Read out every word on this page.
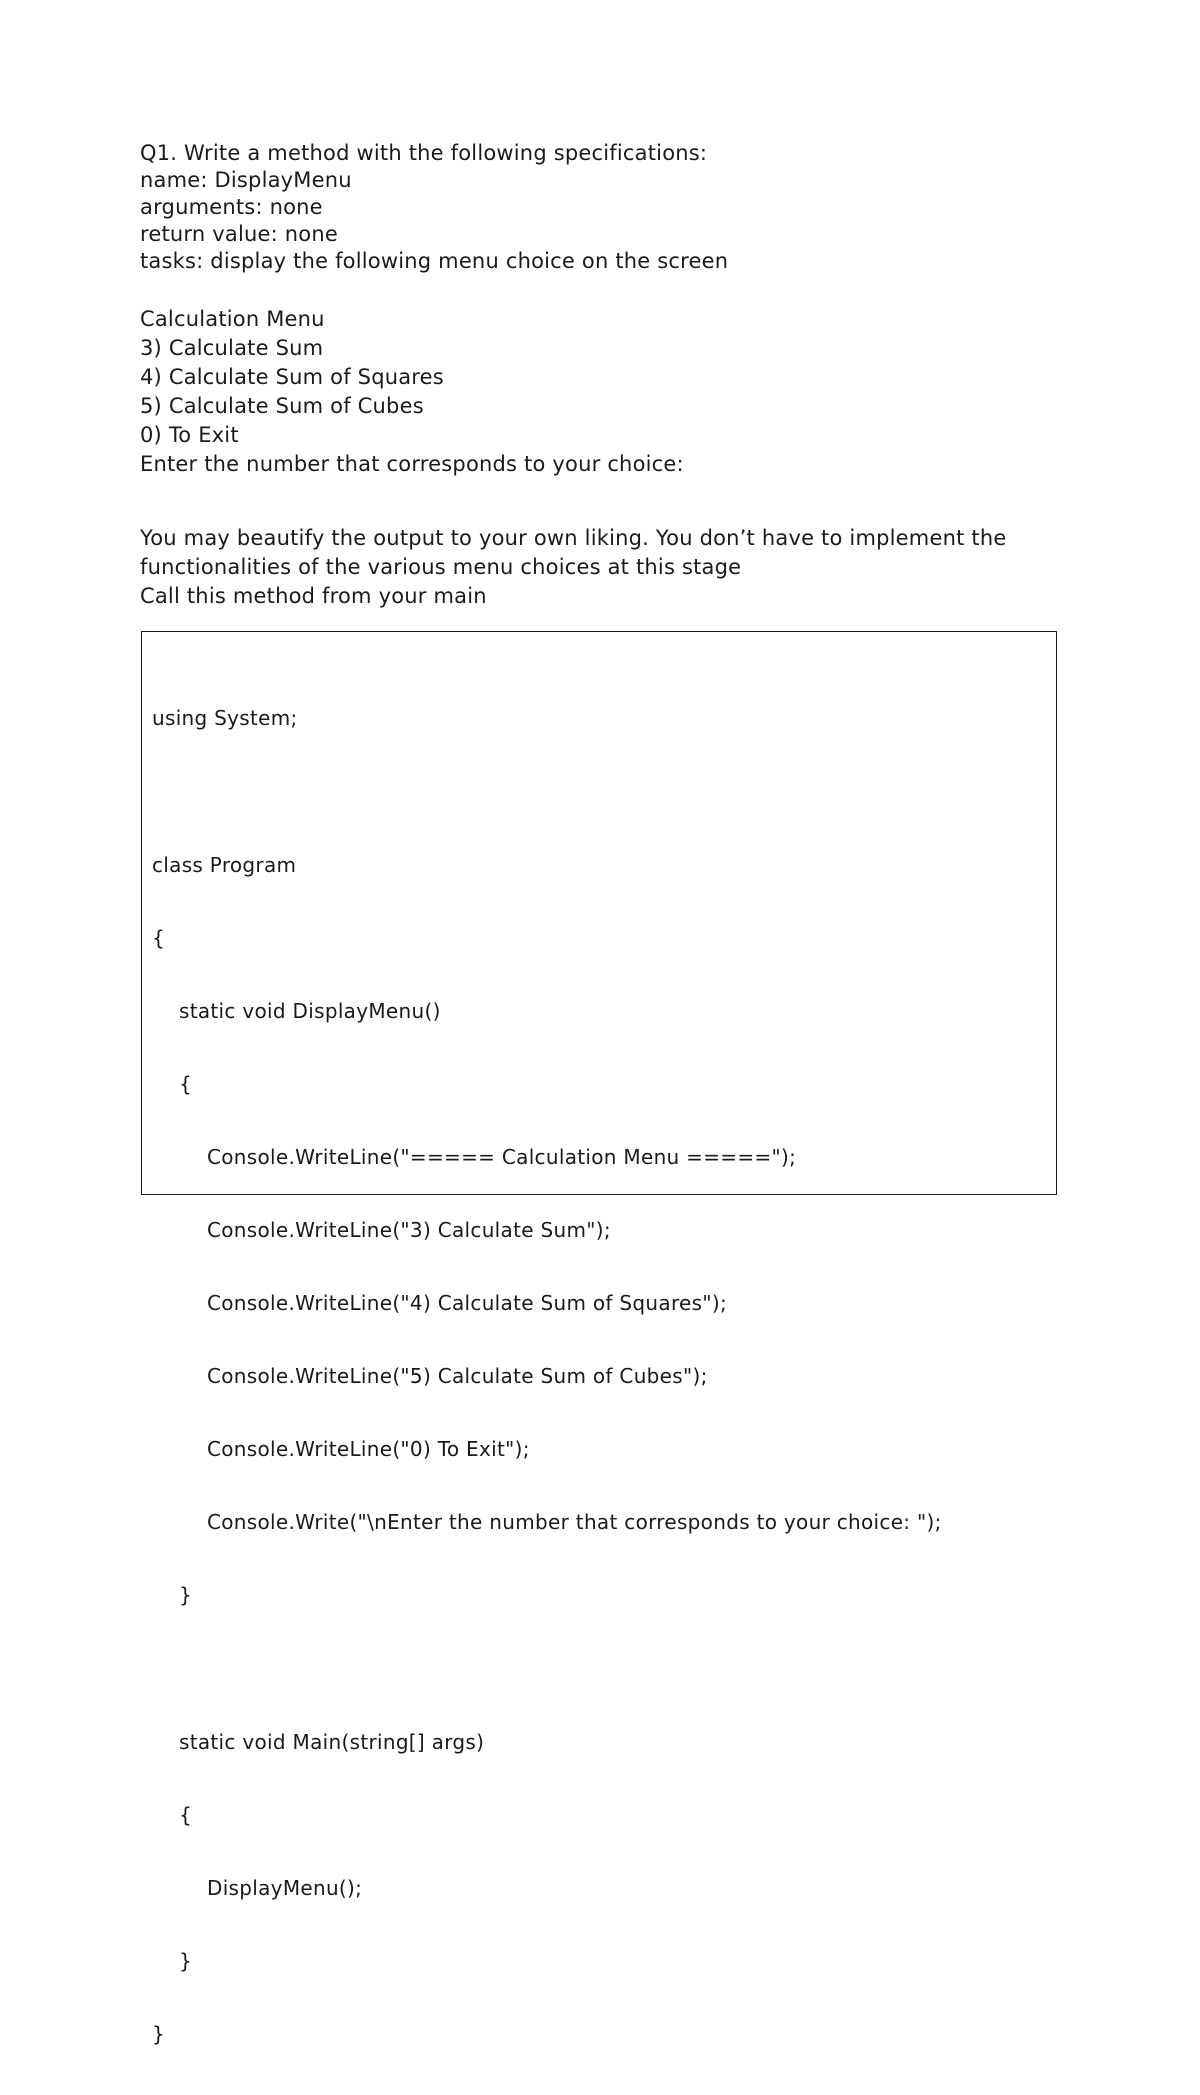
Q1. Write a method with the following specifications:

name: DisplayMenu

arguments: none

return value: none

tasks: display the following menu choice on the screen

Calculation Menu

3) Calculate Sum

4) Calculate Sum of Squares

5) Calculate Sum of Cubes

0) To Exit

Enter the number that corresponds to your choice:

You may beautify the output to your own liking. You don’t have to implement the functionalities of the various menu choices at this stage

Call this method from your main

using System;

class Program

{

static void DisplayMenu()

{

Console.WriteLine("===== Calculation Menu =====");

Console.WriteLine("3) Calculate Sum");

Console.WriteLine("4) Calculate Sum of Squares");

Console.WriteLine("5) Calculate Sum of Cubes");

Console.WriteLine("0) To Exit");

Console.Write("\nEnter the number that corresponds to your choice: ");

}

static void Main(string[] args)

{

DisplayMenu();

}

}
